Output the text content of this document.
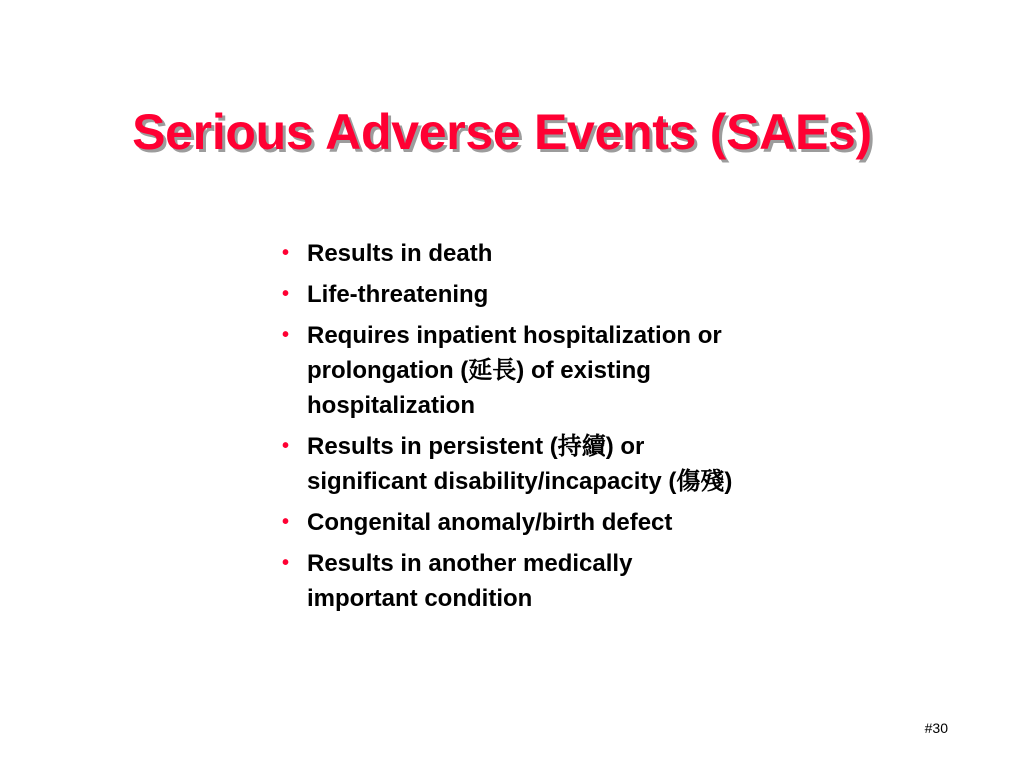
Serious Adverse Events (SAEs)
• Results in death
• Life-threatening
• Requires inpatient hospitalization or
prolongation (延長) of existing
hospitalization
• Results in persistent (持續) or
significant disability/incapacity (傷殘)
• Congenital anomaly/birth defect
• Results in another medically
important condition
#30
